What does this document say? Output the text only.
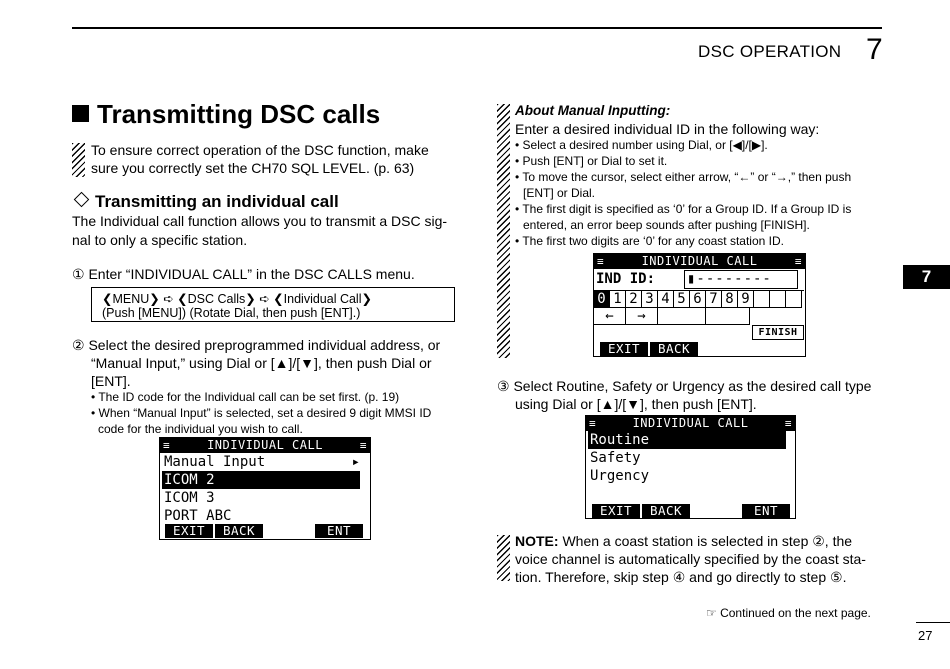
DSC OPERATION 7
7
27
Transmitting DSC calls
To ensure correct operation of the DSC function, make
sure you correctly set the CH70 SQL LEVEL. (p. 63)
Transmitting an individual call
The Individual call function allows you to transmit a DSC sig-
nal to only a specific station.
① Enter “INDIVIDUAL CALL” in the DSC CALLS menu.
❮MENU❯ ➪ ❮DSC Calls❯ ➪ ❮Individual Call❯
(Push [MENU]) (Rotate Dial, then push [ENT].)
② Select the desired preprogrammed individual address, or
“Manual Input,” using Dial or [▲]/[▼], then push Dial or
[ENT].
• The ID code for the Individual call can be set first. (p. 19)
• When “Manual Input” is selected, set a desired 9 digit MMSI ID
code for the individual you wish to call.
≡	INDIVIDUAL CALL	≡
Manual Input	▸
ICOM 2
ICOM 3
PORT ABC
EXIT	BACK	ENT
About Manual Inputting:
Enter a desired individual ID in the following way:
• Select a desired number using Dial, or [◀]/[▶].
• Push [ENT] or Dial to set it.
• To move the cursor, select either arrow, “←” or “→,” then push
[ENT] or Dial.
• The first digit is specified as ‘0’ for a Group ID. If a Group ID is
entered, an error beep sounds after pushing [FINISH].
• The first two digits are ‘0’ for any coast station ID.
≡	INDIVIDUAL CALL	≡
IND ID: ▮--------
0 1 2 3 4 5 6 7 8 9
←	→
FINISH
EXIT	BACK
③ Select Routine, Safety or Urgency as the desired call type
using Dial or [▲]/[▼], then push [ENT].
≡	INDIVIDUAL CALL	≡
Routine
Safety
Urgency
EXIT	BACK	ENT
NOTE: When a coast station is selected in step ②, the
voice channel is automatically specified by the coast sta-
tion. Therefore, skip step ④ and go directly to step ⑤.
☞ Continued on the next page.
